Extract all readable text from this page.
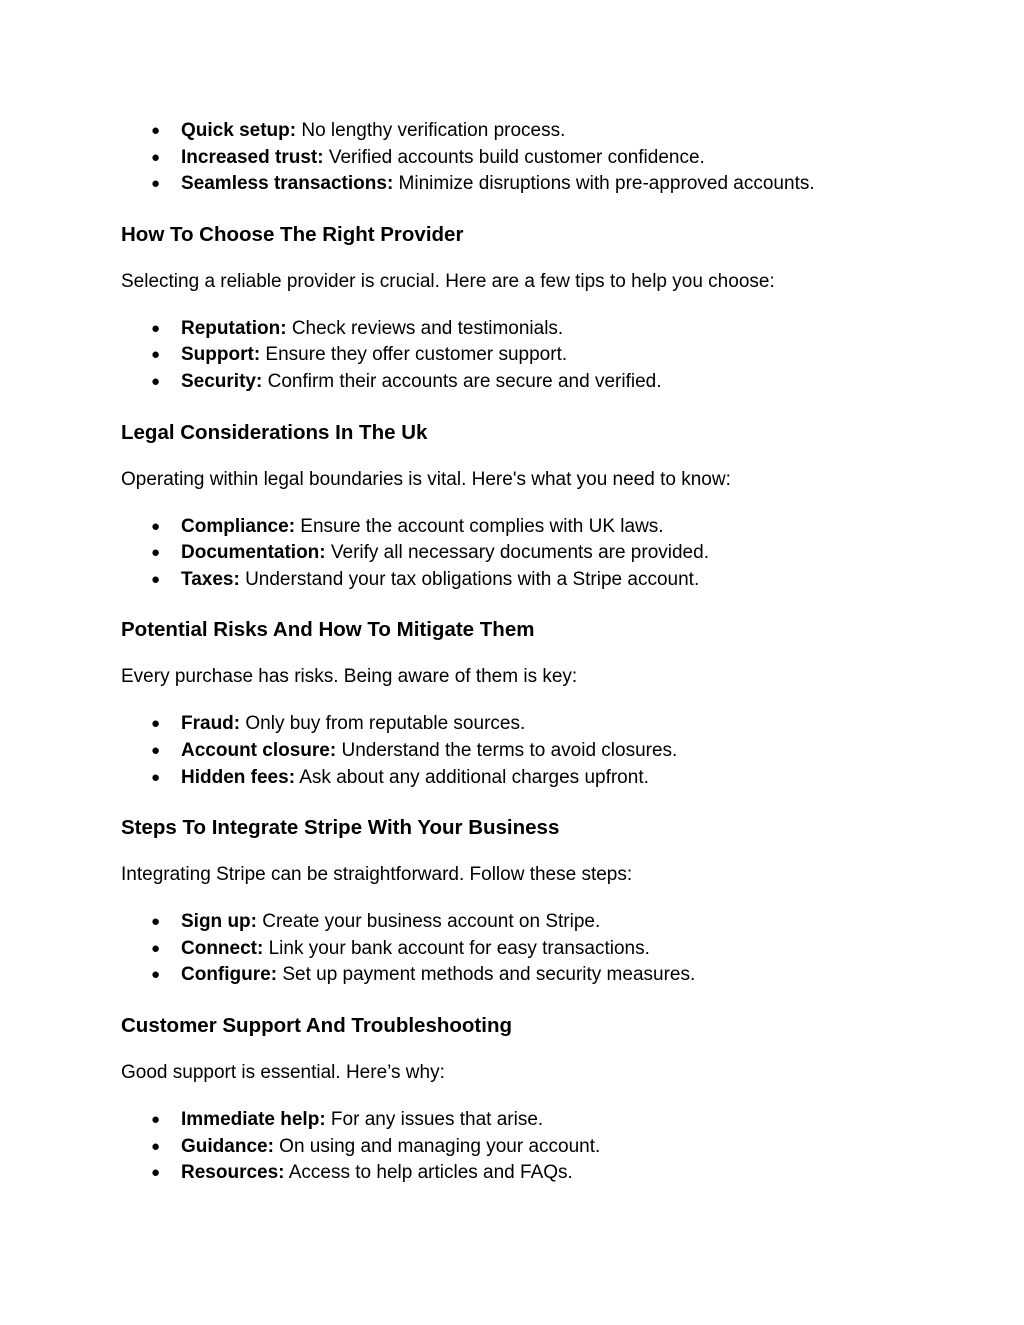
● Quick setup: No lengthy verification process.
● Increased trust: Verified accounts build customer confidence.
● Seamless transactions: Minimize disruptions with pre-approved accounts.
How To Choose The Right Provider

Selecting a reliable provider is crucial. Here are a few tips to help you choose:

● Reputation: Check reviews and testimonials.
● Support: Ensure they offer customer support.
● Security: Confirm their accounts are secure and verified.
Legal Considerations In The Uk

Operating within legal boundaries is vital. Here's what you need to know:

● Compliance: Ensure the account complies with UK laws.
● Documentation: Verify all necessary documents are provided.
● Taxes: Understand your tax obligations with a Stripe account.
Potential Risks And How To Mitigate Them

Every purchase has risks. Being aware of them is key:

● Fraud: Only buy from reputable sources.
● Account closure: Understand the terms to avoid closures.
● Hidden fees: Ask about any additional charges upfront.
Steps To Integrate Stripe With Your Business

Integrating Stripe can be straightforward. Follow these steps:

● Sign up: Create your business account on Stripe.
● Connect: Link your bank account for easy transactions.
● Configure: Set up payment methods and security measures.
Customer Support And Troubleshooting

Good support is essential. Here’s why:

● Immediate help: For any issues that arise.
● Guidance: On using and managing your account.
● Resources: Access to help articles and FAQs.
